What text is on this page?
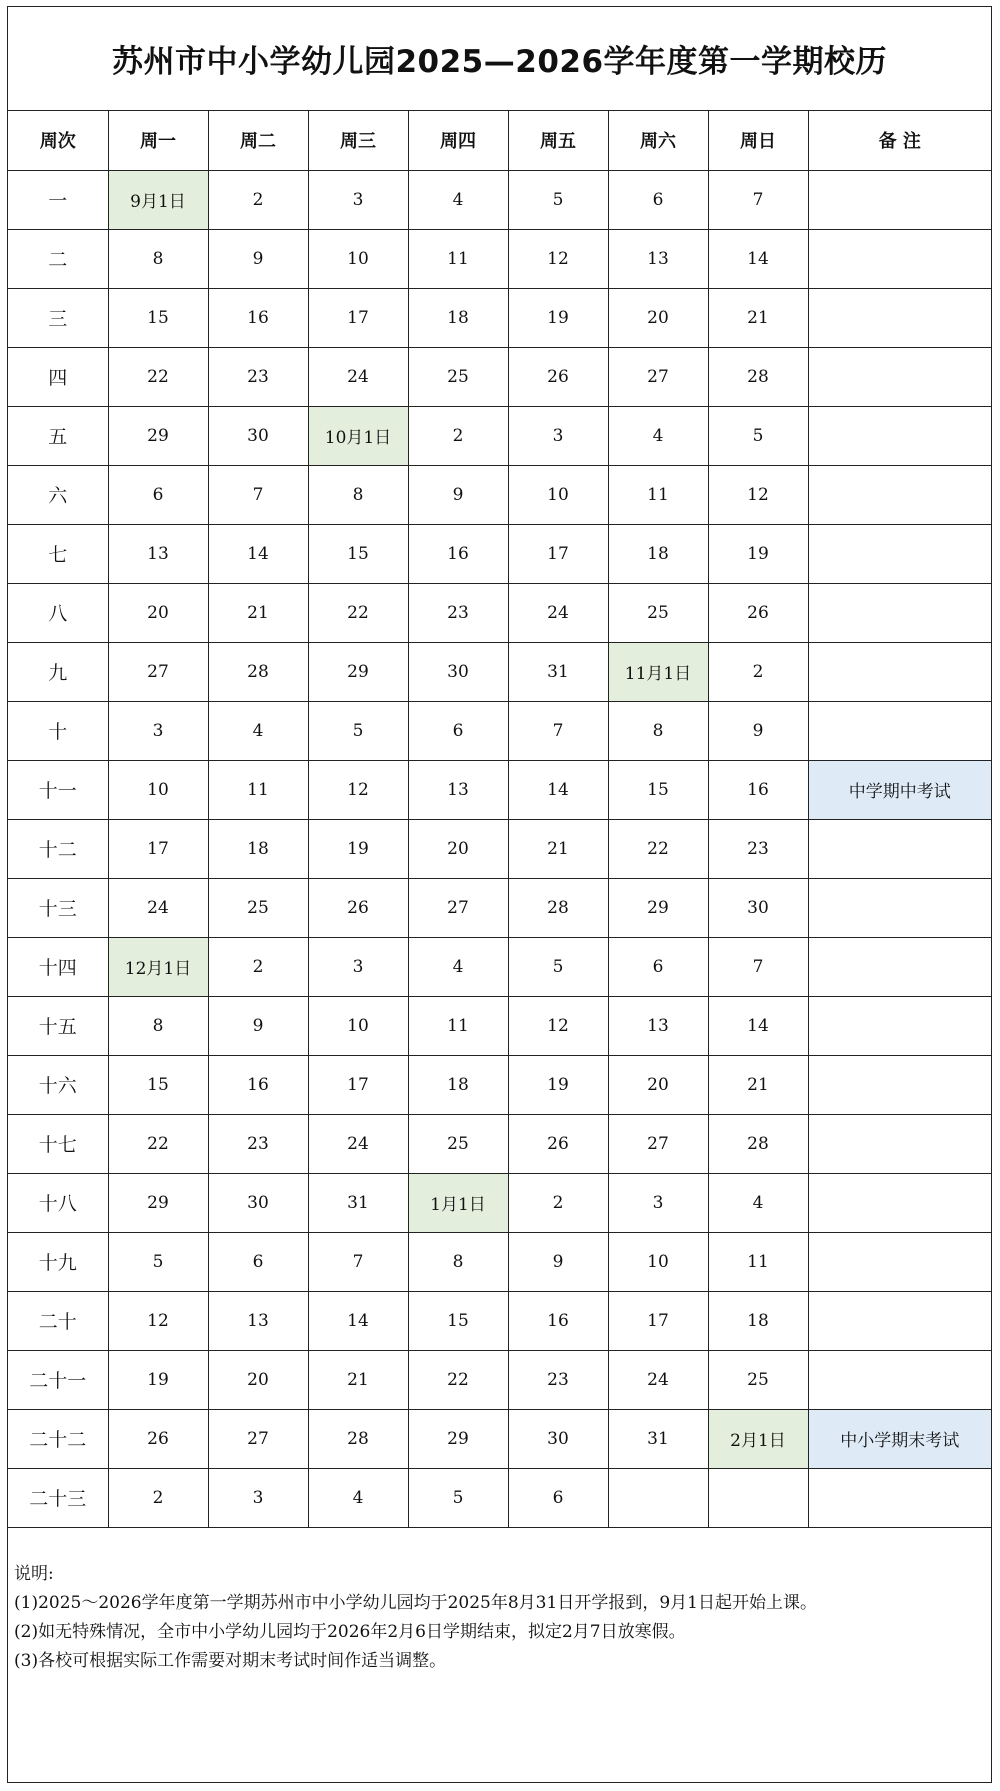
苏州市中小学幼儿园2025—2026学年度第一学期校历
周次	周一	周二	周三	周四	周五	周六	周日	备 注
一	9月1日	2	3	4	5	6	7	
二	8	9	10	11	12	13	14	
三	15	16	17	18	19	20	21	
四	22	23	24	25	26	27	28	
五	29	30	10月1日	2	3	4	5	
六	6	7	8	9	10	11	12	
七	13	14	15	16	17	18	19	
八	20	21	22	23	24	25	26	
九	27	28	29	30	31	11月1日	2	
十	3	4	5	6	7	8	9	
十一	10	11	12	13	14	15	16	中学期中考试
十二	17	18	19	20	21	22	23	
十三	24	25	26	27	28	29	30	
十四	12月1日	2	3	4	5	6	7	
十五	8	9	10	11	12	13	14	
十六	15	16	17	18	19	20	21	
十七	22	23	24	25	26	27	28	
十八	29	30	31	1月1日	2	3	4	
十九	5	6	7	8	9	10	11	
二十	12	13	14	15	16	17	18	
二十一	19	20	21	22	23	24	25	
二十二	26	27	28	29	30	31	2月1日	中小学期末考试
二十三	2	3	4	5	6			

说明:

(1)2025～2026学年度第一学期苏州市中小学幼儿园均于2025年8月31日开学报到，9月1日起开始上课。

(2)如无特殊情况，全市中小学幼儿园均于2026年2月6日学期结束，拟定2月7日放寒假。

(3)各校可根据实际工作需要对期末考试时间作适当调整。
